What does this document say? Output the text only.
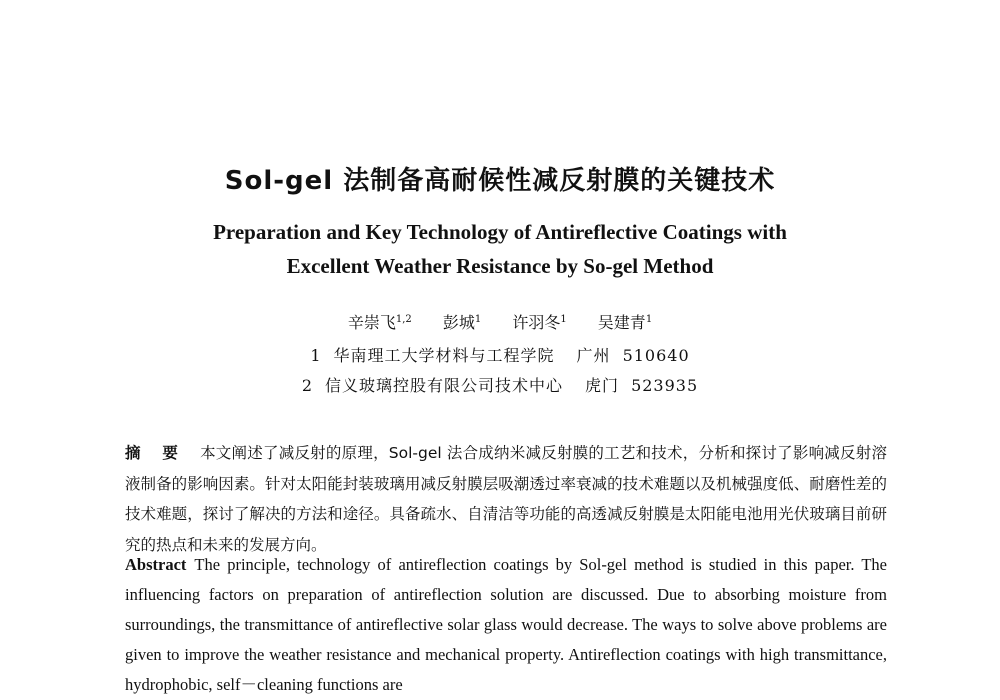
Sol-gel 法制备高耐候性减反射膜的关键技术
Preparation and Key Technology of Antireflective Coatings with
Excellent Weather Resistance by So-gel Method
辛崇飞$^{1,2}$ 彭城$^1$ 许羽冬$^1$ 吴建青$^1$
1 华南理工大学材料与工程学院 广州 510640
2 信义玻璃控股有限公司技术中心 虎门 523935
摘 要 本文阐述了减反射的原理，Sol-gel 法合成纳米减反射膜的工艺和技术，分析和探讨了影响减反射溶液制备的影响因素。针对太阳能封装玻璃用减反射膜层吸潮透过率衰减的技术难题以及机械强度低、耐磨性差的技术难题，探讨了解决的方法和途径。具备疏水、自清洁等功能的高透减反射膜是太阳能电池用光伏玻璃目前研究的热点和未来的发展方向。
Abstract The principle, technology of antireflection coatings by Sol-gel method is studied in this paper. The influencing factors on preparation of antireflection solution are discussed. Due to absorbing moisture from surroundings, the transmittance of antireflective solar glass would decrease. The ways to solve above problems are given to improve the weather resistance and mechanical property. Antireflection coatings with high transmittance, hydrophobic, self－cleaning functions are
